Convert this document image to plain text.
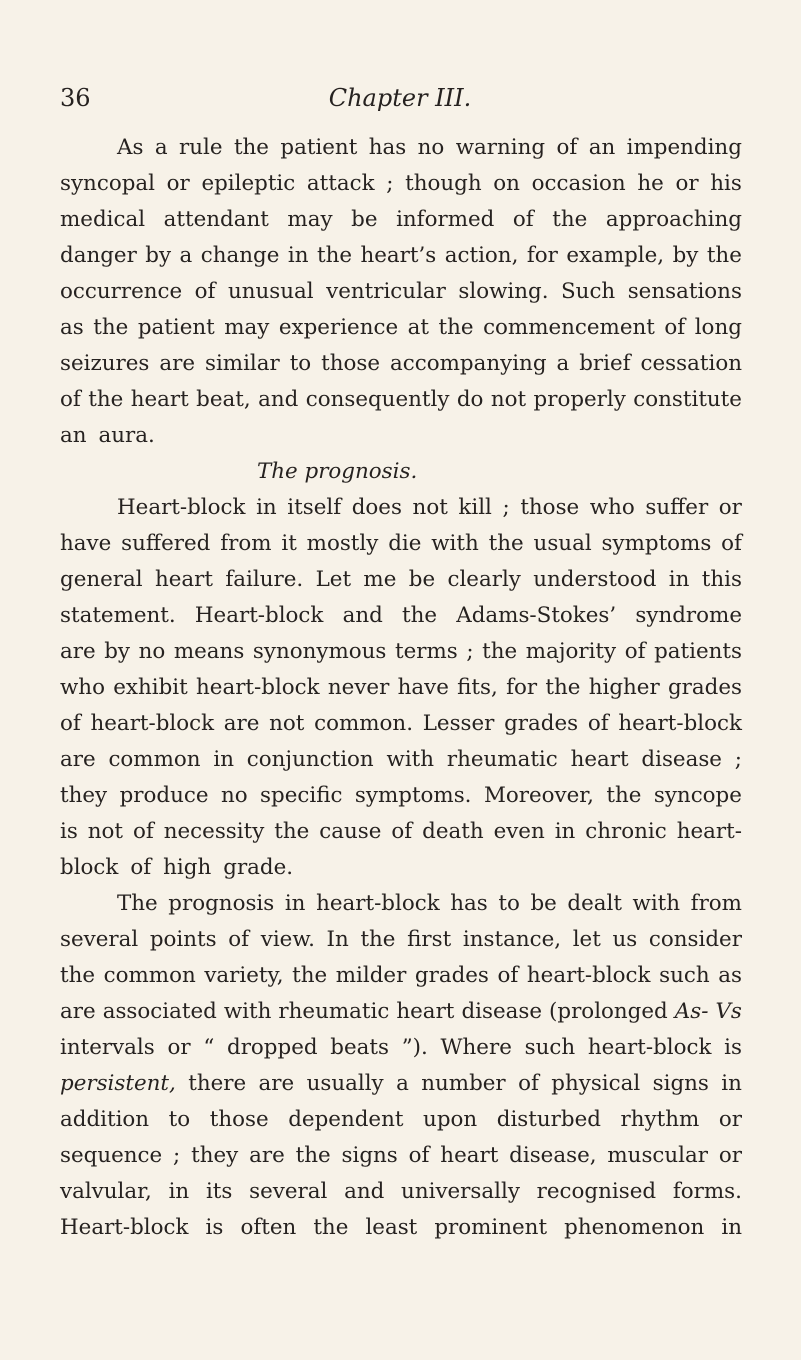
36	Chapter III.
As a rule the patient has no warning of an impending
syncopal or epileptic attack ; though on occasion he or his
medical attendant may be informed of the approaching
danger by a change in the heart’s action, for example, by the
occurrence of unusual ventricular slowing. Such sensations
as the patient may experience at the commencement of long
seizures are similar to those accompanying a brief cessation
of the heart beat, and consequently do not properly constitute
an aura.
The prognosis.
Heart-block in itself does not kill ; those who suffer or
have suffered from it mostly die with the usual symptoms of
general heart failure. Let me be clearly understood in this
statement. Heart-block and the Adams-Stokes’ syndrome
are by no means synonymous terms ; the majority of patients
who exhibit heart-block never have fits, for the higher grades
of heart-block are not common. Lesser grades of heart-block
are common in conjunction with rheumatic heart disease ;
they produce no specific symptoms. Moreover, the syncope
is not of necessity the cause of death even in chronic heart-
block of high grade.
The prognosis in heart-block has to be dealt with from
several points of view. In the first instance, let us consider
the common variety, the milder grades of heart-block such as
are associated with rheumatic heart disease (prolonged As- Vs
intervals or “ dropped beats ”). Where such heart-block is
persistent, there are usually a number of physical signs in
addition to those dependent upon disturbed rhythm or
sequence ; they are the signs of heart disease, muscular or
valvular, in its several and universally recognised forms.
Heart-block is often the least prominent phenomenon in
